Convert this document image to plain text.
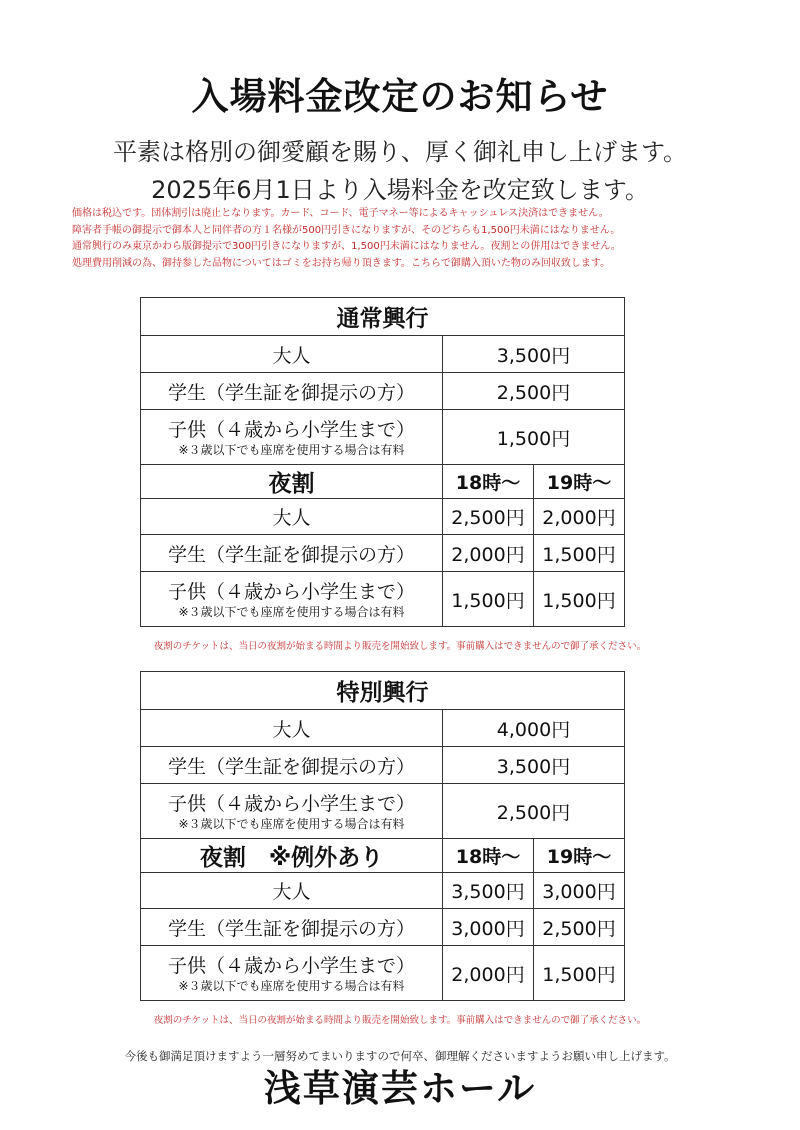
入場料金改定のお知らせ
平素は格別の御愛顧を賜り、厚く御礼申し上げます。
2025年6月1日より入場料金を改定致します。
価格は税込です。団体割引は廃止となります。カード、コード、電子マネー等によるキャッシュレス決済はできません。
障害者手帳の御提示で御本人と同伴者の方１名様が500円引きになりますが、そのどちらも1,500円未満にはなりません。
通常興行のみ東京かわら版御提示で300円引きになりますが、1,500円未満にはなりません。夜割との併用はできません。
処理費用削減の為、御持参した品物についてはゴミをお持ち帰り頂きます。こちらで御購入頂いた物のみ回収致します。
通常興行		
大人	3,500円	
学生（学生証を御提示の方）	2,500円	

子供（４歳から小学生まで）
※３歳以下でも座席を使用する場合は有料	1,500円	
夜割	18時～	19時～
大人	2,500円	2,000円
学生（学生証を御提示の方）	2,000円	1,500円

子供（４歳から小学生まで）
※３歳以下でも座席を使用する場合は有料	1,500円	1,500円
夜割のチケットは、当日の夜割が始まる時間より販売を開始致します。事前購入はできませんので御了承ください。
特別興行		
大人	4,000円	
学生（学生証を御提示の方）	3,500円	

子供（４歳から小学生まで）
※３歳以下でも座席を使用する場合は有料	2,500円	
夜割　※例外あり	18時～	19時～
大人	3,500円	3,000円
学生（学生証を御提示の方）	3,000円	2,500円

子供（４歳から小学生まで）
※３歳以下でも座席を使用する場合は有料	2,000円	1,500円
夜割のチケットは、当日の夜割が始まる時間より販売を開始致します。事前購入はできませんので御了承ください。
今後も御満足頂けますよう一層努めてまいりますので何卒、御理解くださいますようお願い申し上げます。
浅草演芸ホール
